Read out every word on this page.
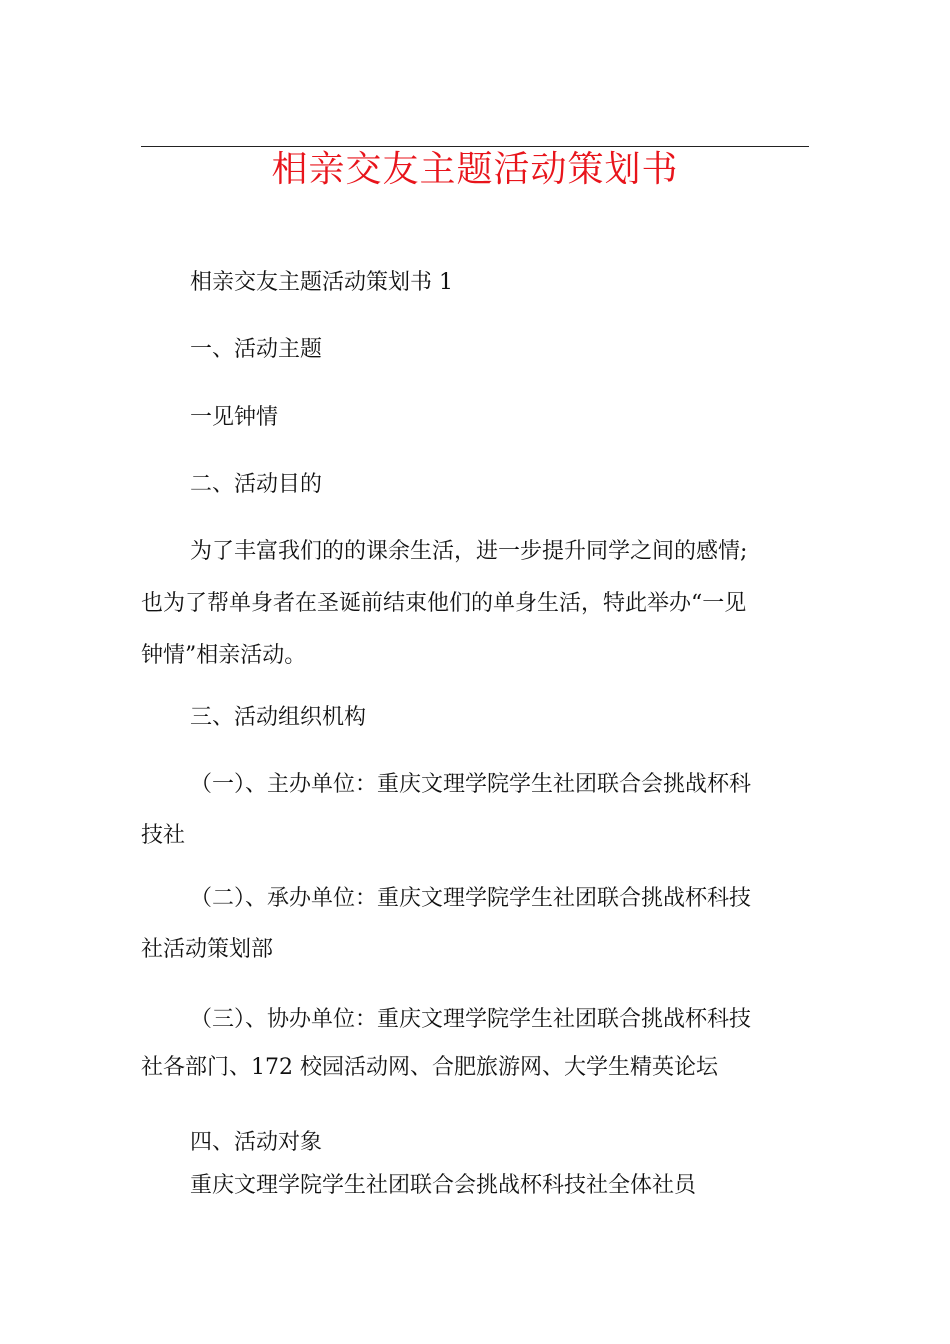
相亲交友主题活动策划书
相亲交友主题活动策划书 1
一、活动主题
一见钟情
二、活动目的
为了丰富我们的的课余生活，进一步提升同学之间的感情;
也为了帮单身者在圣诞前结束他们的单身生活，特此举办“一见
钟情”相亲活动。
三、活动组织机构
（一）、主办单位：重庆文理学院学生社团联合会挑战杯科
技社
（二）、承办单位：重庆文理学院学生社团联合挑战杯科技
社活动策划部
（三）、协办单位：重庆文理学院学生社团联合挑战杯科技
社各部门、172 校园活动网、合肥旅游网、大学生精英论坛
四、活动对象
重庆文理学院学生社团联合会挑战杯科技社全体社员
